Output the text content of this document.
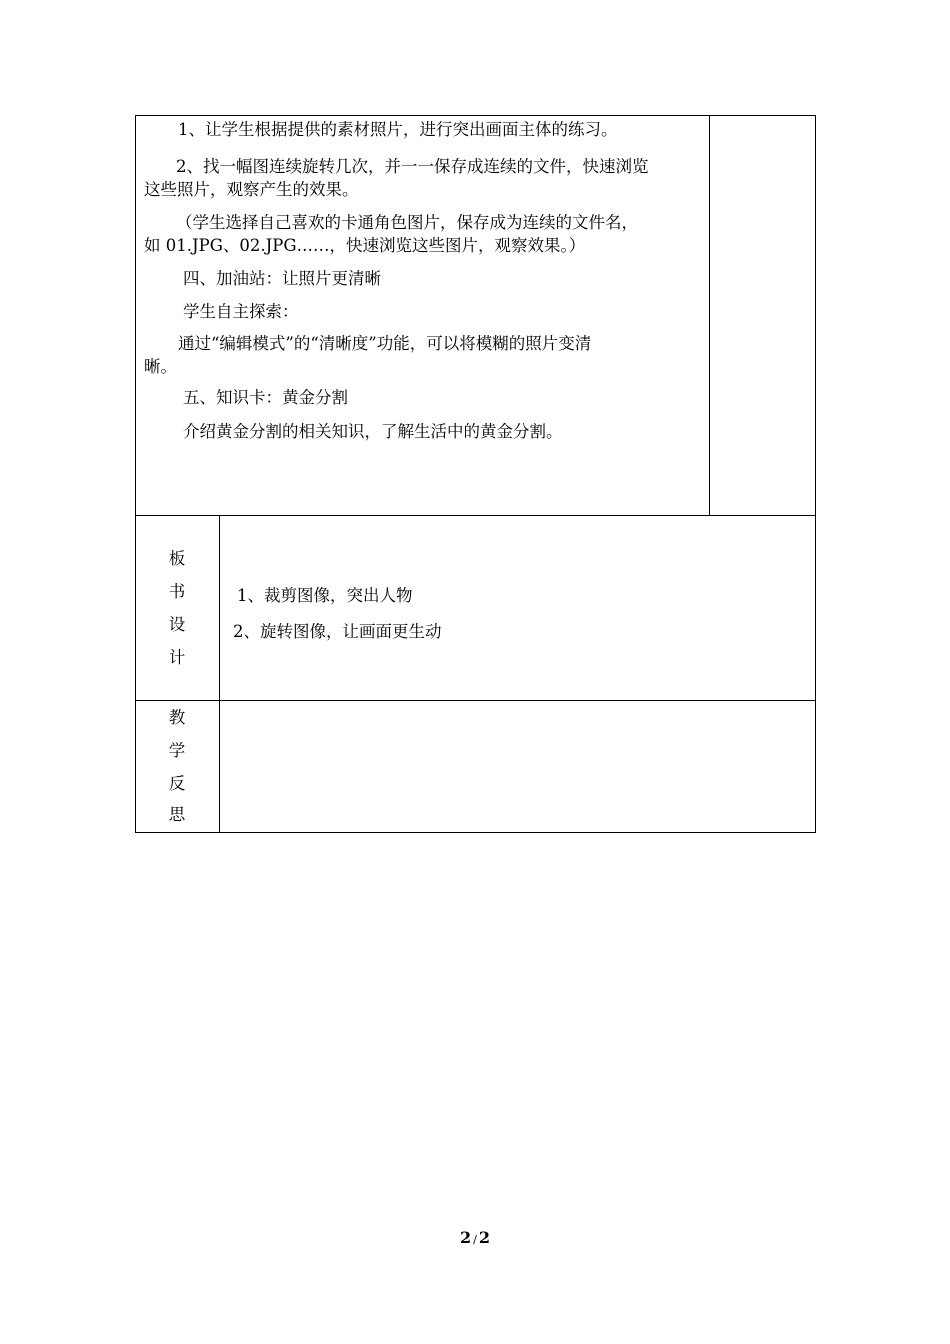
1、让学生根据提供的素材照片，进行突出画面主体的练习。
2、找一幅图连续旋转几次，并一一保存成连续的文件，快速浏览
这些照片，观察产生的效果。
（学生选择自己喜欢的卡通角色图片，保存成为连续的文件名，
如 01.JPG、02.JPG……，快速浏览这些图片，观察效果。）
四、加油站：让照片更清晰
学生自主探索：
通过“编辑模式”的“清晰度”功能，可以将模糊的照片变清
晰。
五、知识卡：黄金分割
介绍黄金分割的相关知识，了解生活中的黄金分割。
板
书
设
计
1、裁剪图像，突出人物
2、旋转图像，让画面更生动
教
学
反
思
2 / 2
